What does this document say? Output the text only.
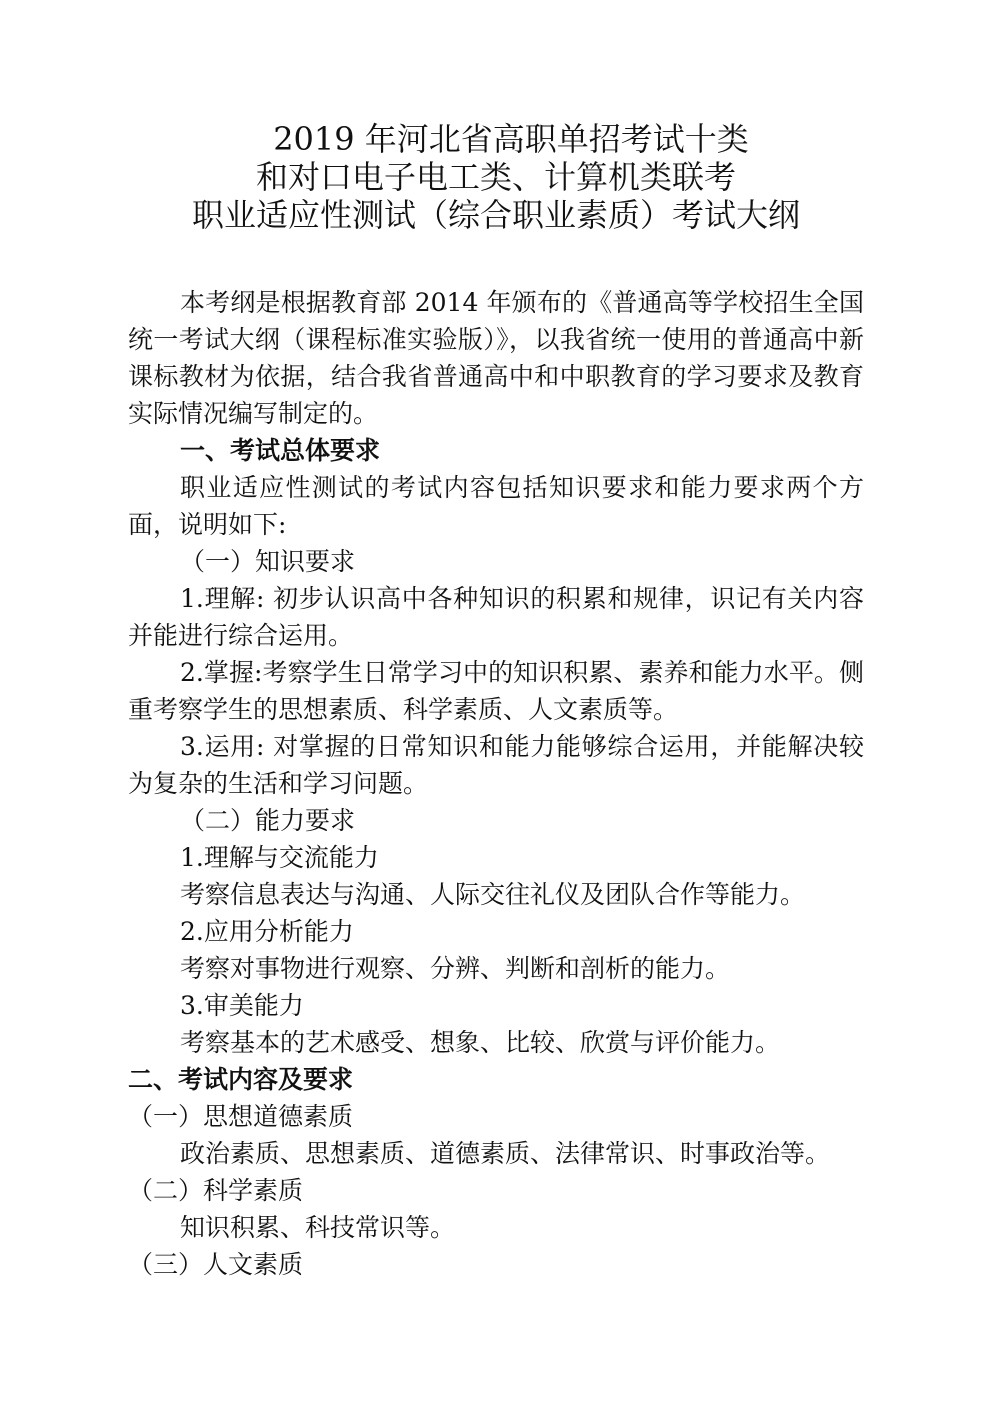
2019 年河北省高职单招考试十类
和对口电子电工类、计算机类联考
职业适应性测试（综合职业素质）考试大纲

本考纲是根据教育部 2014 年颁布的《普通高等学校招生全国统一考试大纲（课程标准实验版）》，以我省统一使用的普通高中新课标教材为依据，结合我省普通高中和中职教育的学习要求及教育实际情况编写制定的。

一、考试总体要求

职业适应性测试的考试内容包括知识要求和能力要求两个方面，说明如下:

（一）知识要求

1.理解: 初步认识高中各种知识的积累和规律，识记有关内容并能进行综合运用。

2.掌握:考察学生日常学习中的知识积累、素养和能力水平。侧重考察学生的思想素质、科学素质、人文素质等。

3.运用: 对掌握的日常知识和能力能够综合运用，并能解决较为复杂的生活和学习问题。

（二）能力要求

1.理解与交流能力

考察信息表达与沟通、人际交往礼仪及团队合作等能力。

2.应用分析能力

考察对事物进行观察、分辨、判断和剖析的能力。

3.审美能力

考察基本的艺术感受、想象、比较、欣赏与评价能力。

二、考试内容及要求

（一）思想道德素质

政治素质、思想素质、道德素质、法律常识、时事政治等。

（二）科学素质

知识积累、科技常识等。

（三）人文素质
